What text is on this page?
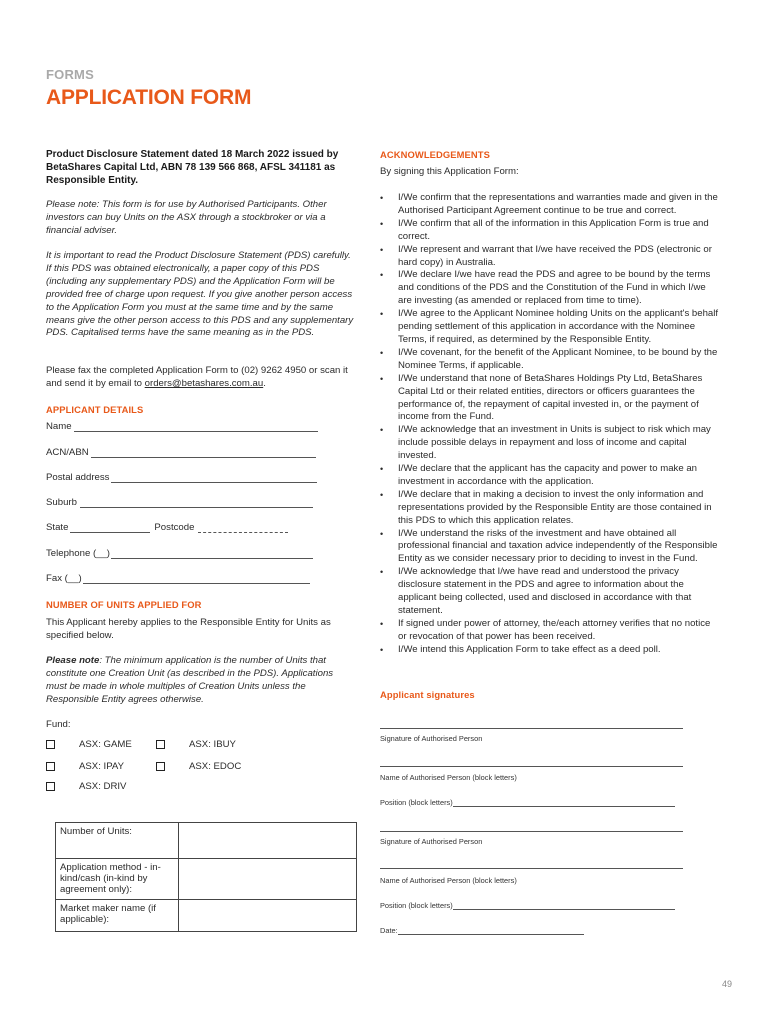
FORMS
APPLICATION FORM
Product Disclosure Statement dated 18 March 2022 issued by BetaShares Capital Ltd, ABN 78 139 566 868, AFSL 341181 as Responsible Entity.
Please note: This form is for use by Authorised Participants. Other investors can buy Units on the ASX through a stockbroker or via a financial adviser.
It is important to read the Product Disclosure Statement (PDS) carefully. If this PDS was obtained electronically, a paper copy of this PDS (including any supplementary PDS) and the Application Form will be provided free of charge upon request. If you give another person access to the Application Form you must at the same time and by the same means give the other person access to this PDS and any supplementary PDS. Capitalised terms have the same meaning as in the PDS.
Please fax the completed Application Form to (02) 9262 4950 or scan it and send it by email to orders@betashares.com.au.
APPLICANT DETAILS
Name
ACN/ABN
Postal address
Suburb
State	Postcode
Telephone (__)
Fax (__)
NUMBER OF UNITS APPLIED FOR
This Applicant hereby applies to the Responsible Entity for Units as specified below.
Please note: The minimum application is the number of Units that constitute one Creation Unit (as described in the PDS). Applications must be made in whole multiples of Creation Units unless the Responsible Entity agrees otherwise.
Fund:
ASX: GAME	ASX: IBUY
ASX: IPAY	ASX: EDOC
ASX: DRIV
Number of Units:	
Application method - in-kind/cash (in-kind by agreement only):	
Market maker name (if applicable):	
ACKNOWLEDGEMENTS
By signing this Application Form:
• I/We confirm that the representations and warranties made and given in the Authorised Participant Agreement continue to be true and correct.
• I/We confirm that all of the information in this Application Form is true and correct.
• I/We represent and warrant that I/we have received the PDS (electronic or hard copy) in Australia.
• I/We declare I/we have read the PDS and agree to be bound by the terms and conditions of the PDS and the Constitution of the Fund in which I/we are investing (as amended or replaced from time to time).
• I/We agree to the Applicant Nominee holding Units on the applicant's behalf pending settlement of this application in accordance with the Nominee Terms, if required, as determined by the Responsible Entity.
• I/We covenant, for the benefit of the Applicant Nominee, to be bound by the Nominee Terms, if applicable.
• I/We understand that none of BetaShares Holdings Pty Ltd, BetaShares Capital Ltd or their related entities, directors or officers guarantees the performance of, the repayment of capital invested in, or the payment of income from the Fund.
• I/We acknowledge that an investment in Units is subject to risk which may include possible delays in repayment and loss of income and capital invested.
• I/We declare that the applicant has the capacity and power to make an investment in accordance with the application.
• I/We declare that in making a decision to invest the only information and representations provided by the Responsible Entity are those contained in this PDS to which this application relates.
• I/We understand the risks of the investment and have obtained all professional financial and taxation advice independently of the Responsible Entity as we consider necessary prior to deciding to invest in the Fund.
• I/We acknowledge that I/we have read and understood the privacy disclosure statement in the PDS and agree to information about the applicant being collected, used and disclosed in accordance with that statement.
• If signed under power of attorney, the/each attorney verifies that no notice or revocation of that power has been received.
• I/We intend this Application Form to take effect as a deed poll.
Applicant signatures
Signature of Authorised Person
Name of Authorised Person (block letters)
Position (block letters)
Signature of Authorised Person
Name of Authorised Person (block letters)
Position (block letters)
Date:
49
